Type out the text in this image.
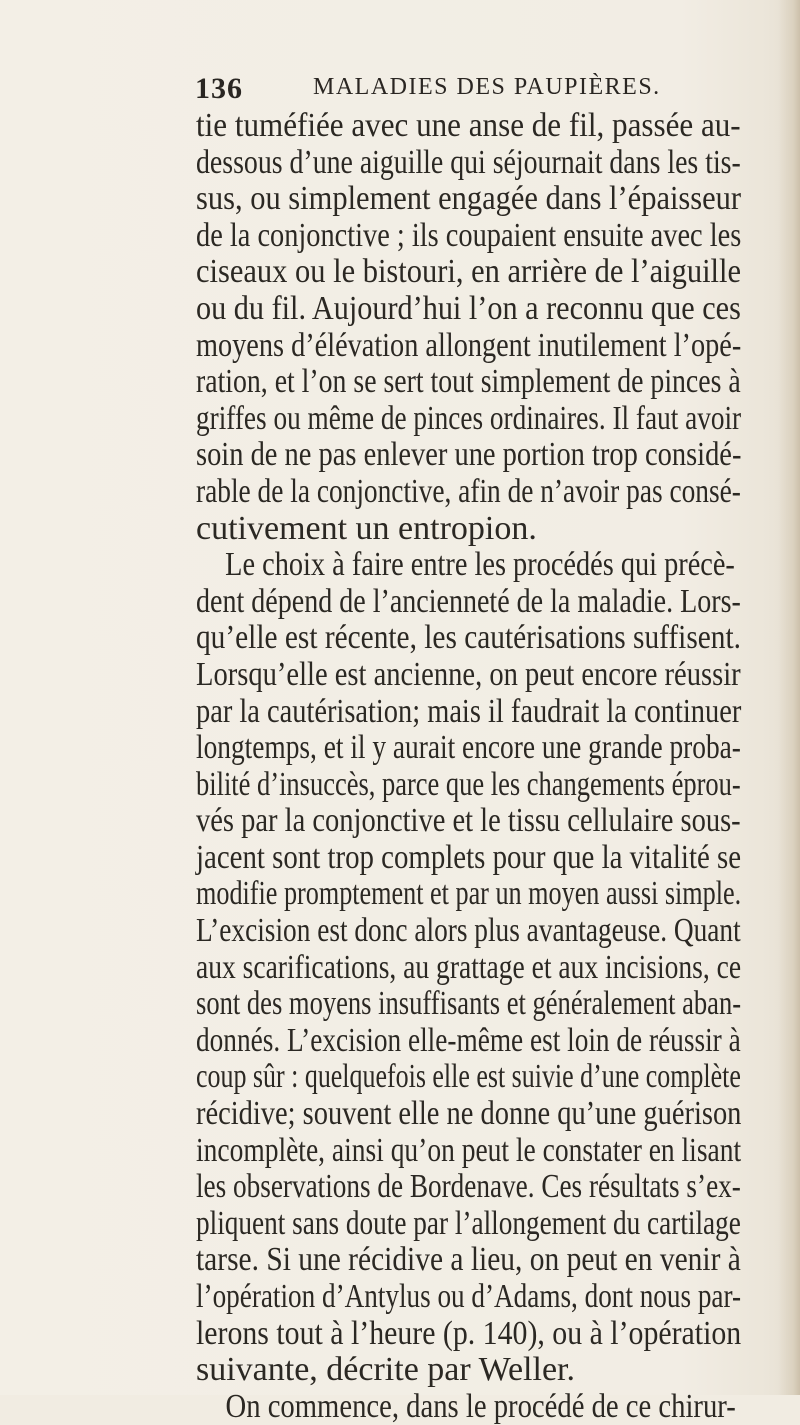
136	MALADIES DES PAUPIÈRES.
tie tuméfiée avec une anse de fil, passée au-
dessous d’une aiguille qui séjournait dans les tis-
sus, ou simplement engagée dans l’épaisseur
de la conjonctive ; ils coupaient ensuite avec les
ciseaux ou le bistouri, en arrière de l’aiguille
ou du fil. Aujourd’hui l’on a reconnu que ces
moyens d’élévation allongent inutilement l’opé-
ration, et l’on se sert tout simplement de pinces à
griffes ou même de pinces ordinaires. Il faut avoir
soin de ne pas enlever une portion trop considé-
rable de la conjonctive, afin de n’avoir pas consé-
cutivement un entropion.
Le choix à faire entre les procédés qui précè-
dent dépend de l’ancienneté de la maladie. Lors-
qu’elle est récente, les cautérisations suffisent.
Lorsqu’elle est ancienne, on peut encore réussir
par la cautérisation; mais il faudrait la continuer
longtemps, et il y aurait encore une grande proba-
bilité d’insuccès, parce que les changements éprou-
vés par la conjonctive et le tissu cellulaire sous-
jacent sont trop complets pour que la vitalité se
modifie promptement et par un moyen aussi simple.
L’excision est donc alors plus avantageuse. Quant
aux scarifications, au grattage et aux incisions, ce
sont des moyens insuffisants et généralement aban-
donnés. L’excision elle-même est loin de réussir à
coup sûr : quelquefois elle est suivie d’une complète
récidive; souvent elle ne donne qu’une guérison
incomplète, ainsi qu’on peut le constater en lisant
les observations de Bordenave. Ces résultats s’ex-
pliquent sans doute par l’allongement du cartilage
tarse. Si une récidive a lieu, on peut en venir à
l’opération d’Antylus ou d’Adams, dont nous par-
lerons tout à l’heure (p. 140), ou à l’opération
suivante, décrite par Weller.
On commence, dans le procédé de ce chirur-
